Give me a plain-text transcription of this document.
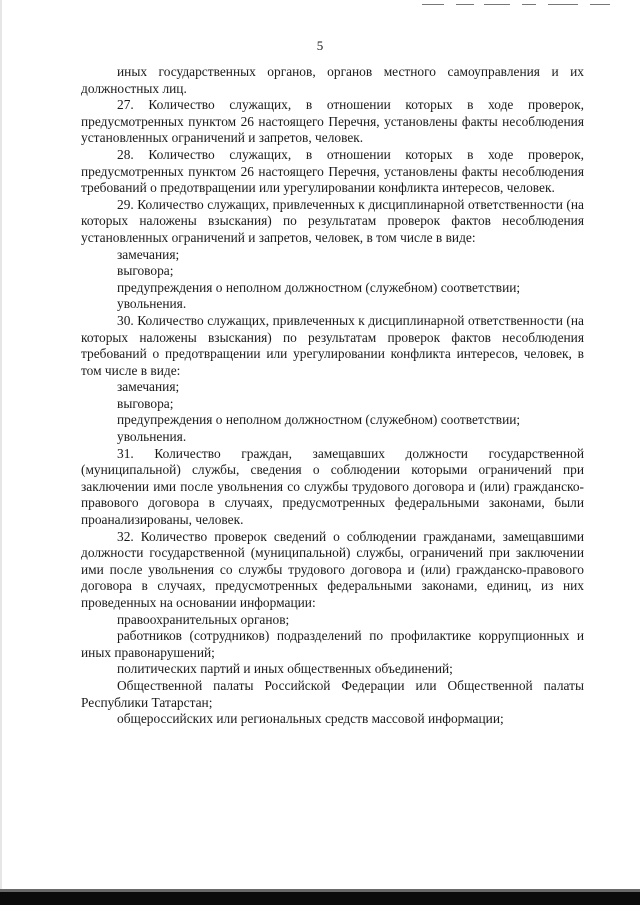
5

иных государственных органов, органов местного самоуправления и их должностных лиц.

27. Количество служащих, в отношении которых в ходе проверок, предусмотренных пунктом 26 настоящего Перечня, установлены факты несоблюдения установленных ограничений и запретов, человек.

28. Количество служащих, в отношении которых в ходе проверок, предусмотренных пунктом 26 настоящего Перечня, установлены факты несоблюдения требований о предотвращении или урегулировании конфликта интересов, человек.

29. Количество служащих, привлеченных к дисциплинарной ответственности (на которых наложены взыскания) по результатам проверок фактов несоблюдения установленных ограничений и запретов, человек, в том числе в виде:

замечания;

выговора;

предупреждения о неполном должностном (служебном) соответствии;

увольнения.

30. Количество служащих, привлеченных к дисциплинарной ответственности (на которых наложены взыскания) по результатам проверок фактов несоблюдения требований о предотвращении или урегулировании конфликта интересов, человек, в том числе в виде:

замечания;

выговора;

предупреждения о неполном должностном (служебном) соответствии;

увольнения.

31. Количество граждан, замещавших должности государственной (муниципальной) службы, сведения о соблюдении которыми ограничений при заключении ими после увольнения со службы трудового договора и (или) гражданско-правового договора в случаях, предусмотренных федеральными законами, были проанализированы, человек.

32. Количество проверок сведений о соблюдении гражданами, замещавшими должности государственной (муниципальной) службы, ограничений при заключении ими после увольнения со службы трудового договора и (или) гражданско-правового договора в случаях, предусмотренных федеральными законами, единиц, из них проведенных на основании информации:

правоохранительных органов;

работников (сотрудников) подразделений по профилактике коррупционных и иных правонарушений;

политических партий и иных общественных объединений;

Общественной палаты Российской Федерации или Общественной палаты Республики Татарстан;

общероссийских или региональных средств массовой информации;
